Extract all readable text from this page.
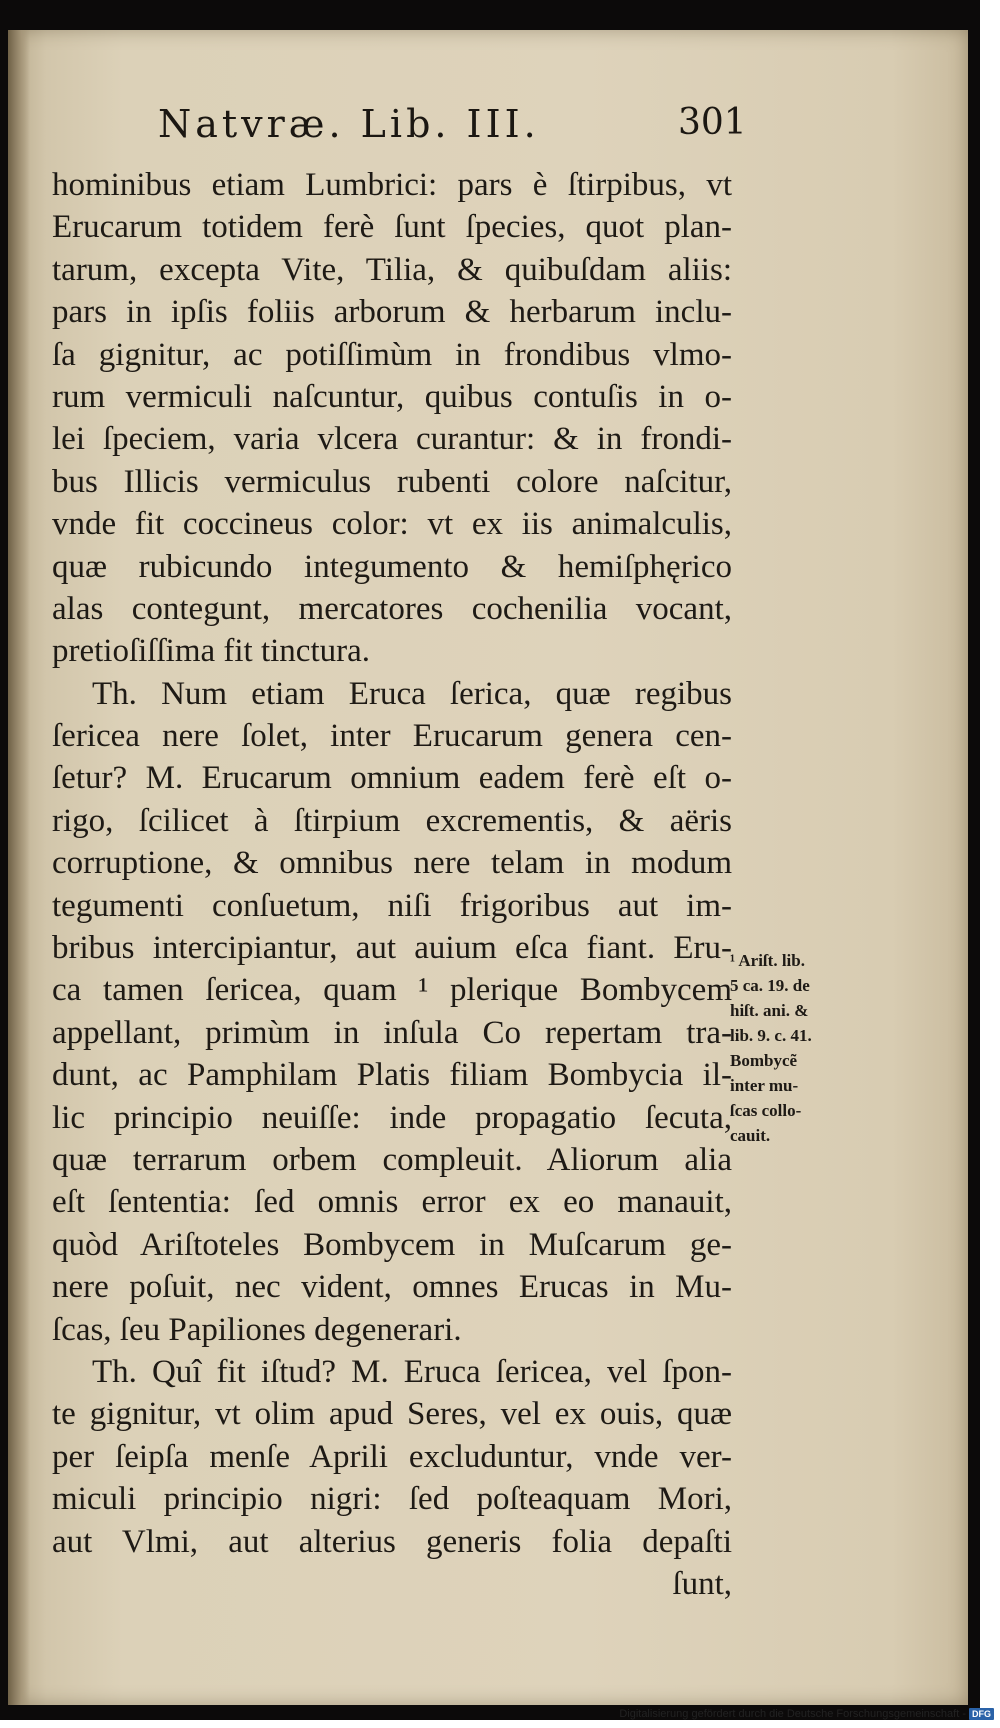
Natvræ. Lib. III.	301
hominibus etiam Lumbrici: pars è ſtirpibus, vt
Erucarum totidem ferè ſunt ſpecies, quot plan-
tarum, excepta Vite, Tilia, & quibuſdam aliis:
pars in ipſis foliis arborum & herbarum inclu-
ſa gignitur, ac potiſſimùm in frondibus vlmo-
rum vermiculi naſcuntur, quibus contuſis in o-
lei ſpeciem, varia vlcera curantur: & in frondi-
bus Illicis vermiculus rubenti colore naſcitur,
vnde fit coccineus color: vt ex iis animalculis,
quæ rubicundo integumento & hemiſphęrico
alas contegunt, mercatores cochenilia vocant,
pretioſiſſima fit tinctura.
Th. Num etiam Eruca ſerica, quæ regibus
ſericea nere ſolet, inter Erucarum genera cen-
ſetur? M. Erucarum omnium eadem ferè eſt o-
rigo, ſcilicet à ſtirpium excrementis, & aëris
corruptione, & omnibus nere telam in modum
tegumenti conſuetum, niſi frigoribus aut im-
bribus intercipiantur, aut auium eſca fiant. Eru-
ca tamen ſericea, quam ¹ plerique Bombycem
appellant, primùm in inſula Co repertam tra-
dunt, ac Pamphilam Platis filiam Bombycia il-
lic principio neuiſſe: inde propagatio ſecuta,
quæ terrarum orbem compleuit. Aliorum alia
eſt ſententia: ſed omnis error ex eo manauit,
quòd Ariſtoteles Bombycem in Muſcarum ge-
nere poſuit, nec vident, omnes Erucas in Mu-
ſcas, ſeu Papiliones degenerari.
Th. Quî fit iſtud? M. Eruca ſericea, vel ſpon-
te gignitur, vt olim apud Seres, vel ex ouis, quæ
per ſeipſa menſe Aprili excluduntur, vnde ver-
miculi principio nigri: ſed poſteaquam Mori,
aut Vlmi, aut alterius generis folia depaſti
ſunt,
¹ Ariſt. lib.
5 ca. 19. de
hiſt. ani. &
lib. 9. c. 41.
Bombycẽ
inter mu-
ſcas collo-
cauit.
Digitalisierung gefördert durch die Deutsche Forschungsgemeinschaft - DFG
